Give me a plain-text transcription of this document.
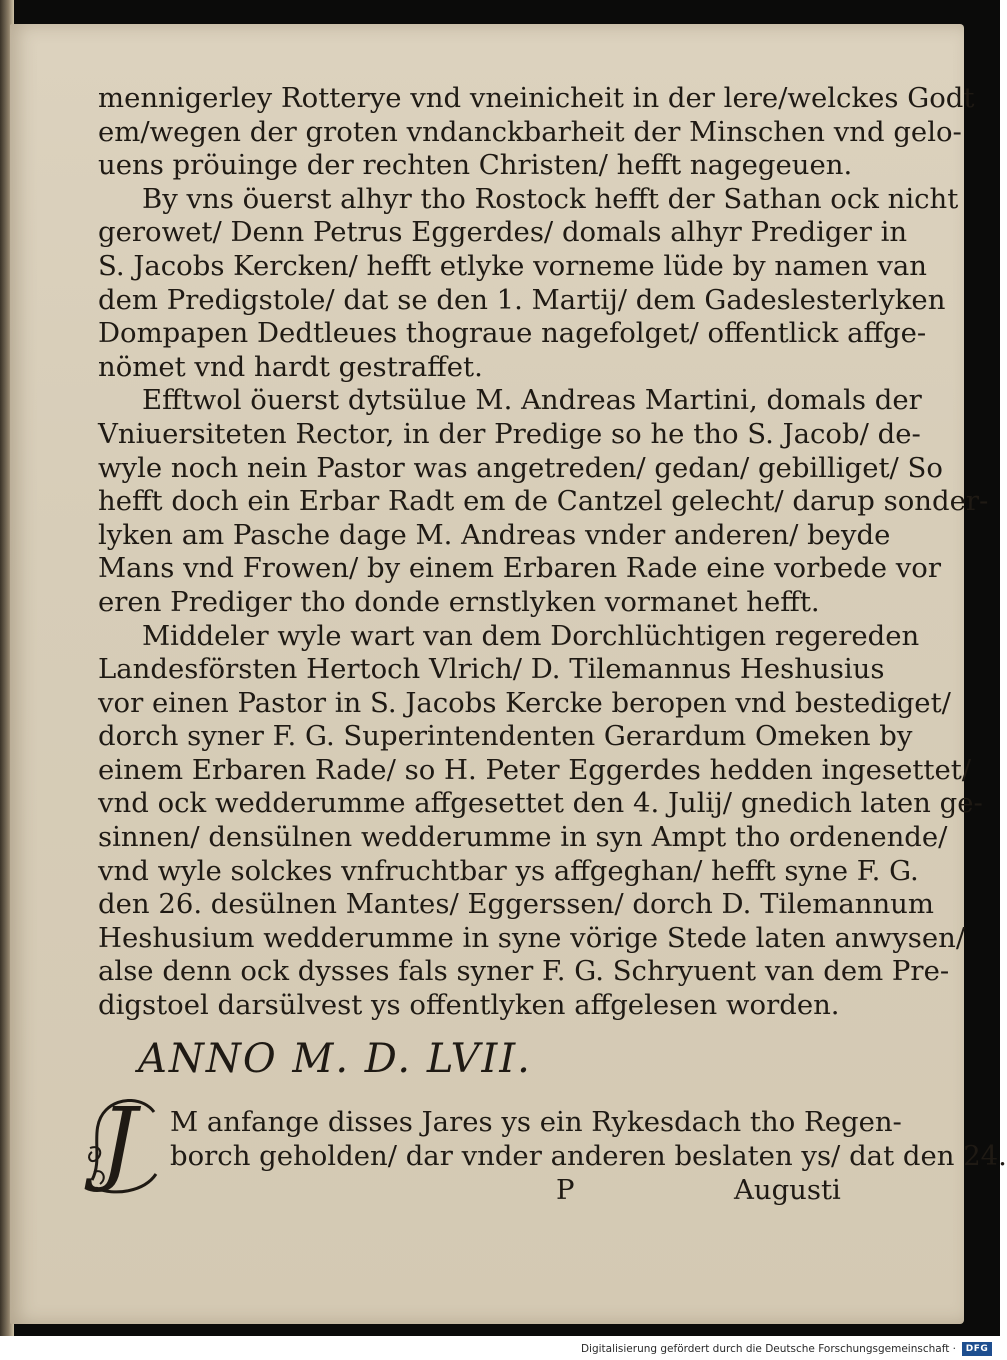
mennigerley Rotterye vnd vneinicheit in der lere/welckes Godt
em/wegen der groten vndanckbarheit der Minschen vnd gelo-
uens pröuinge der rechten Christen/ hefft nagegeuen.
By vns öuerst alhyr tho Rostock hefft der Sathan ock nicht
gerowet/ Denn Petrus Eggerdes/ domals alhyr Prediger in
S. Jacobs Kercken/ hefft etlyke vorneme lüde by namen van
dem Predigstole/ dat se den 1. Martij/ dem Gadeslesterlyken
Dompapen Dedtleues thograue nagefolget/ offentlick affge-
nömet vnd hardt gestraffet.
Efftwol öuerst dytsülue M. Andreas Martini, domals der
Vniuersiteten Rector, in der Predige so he tho S. Jacob/ de-
wyle noch nein Pastor was angetreden/ gedan/ gebilliget/ So
hefft doch ein Erbar Radt em de Cantzel gelecht/ darup sonder-
lyken am Pasche dage M. Andreas vnder anderen/ beyde
Mans vnd Frowen/ by einem Erbaren Rade eine vorbede vor
eren Prediger tho donde ernstlyken vormanet hefft.
Middeler wyle wart van dem Dorchlüchtigen regereden
Landesförsten Hertoch Vlrich/ D. Tilemannus Heshusius
vor einen Pastor in S. Jacobs Kercke beropen vnd bestediget/
dorch syner F. G. Superintendenten Gerardum Omeken by
einem Erbaren Rade/ so H. Peter Eggerdes hedden ingesettet/
vnd ock wedderumme affgesettet den 4. Julij/ gnedich laten ge-
sinnen/ densülnen wedderumme in syn Ampt tho ordenende/
vnd wyle solckes vnfruchtbar ys affgeghan/ hefft syne F. G.
den 26. desülnen Mantes/ Eggerssen/ dorch D. Tilemannum
Heshusium wedderumme in syne vörige Stede laten anwysen/
alse denn ock dysses fals syner F. G. Schryuent van dem Pre-
digstoel darsülvest ys offentlyken affgelesen worden.
ANNO M. D. LVII.
J M anfange disses Jares ys ein Rykesdach tho Regen-
borch geholden/ dar vnder anderen beslaten ys/ dat den 24.
P	Augusti
Digitalisierung gefördert durch die Deutsche Forschungsgemeinschaft ·	DFG
